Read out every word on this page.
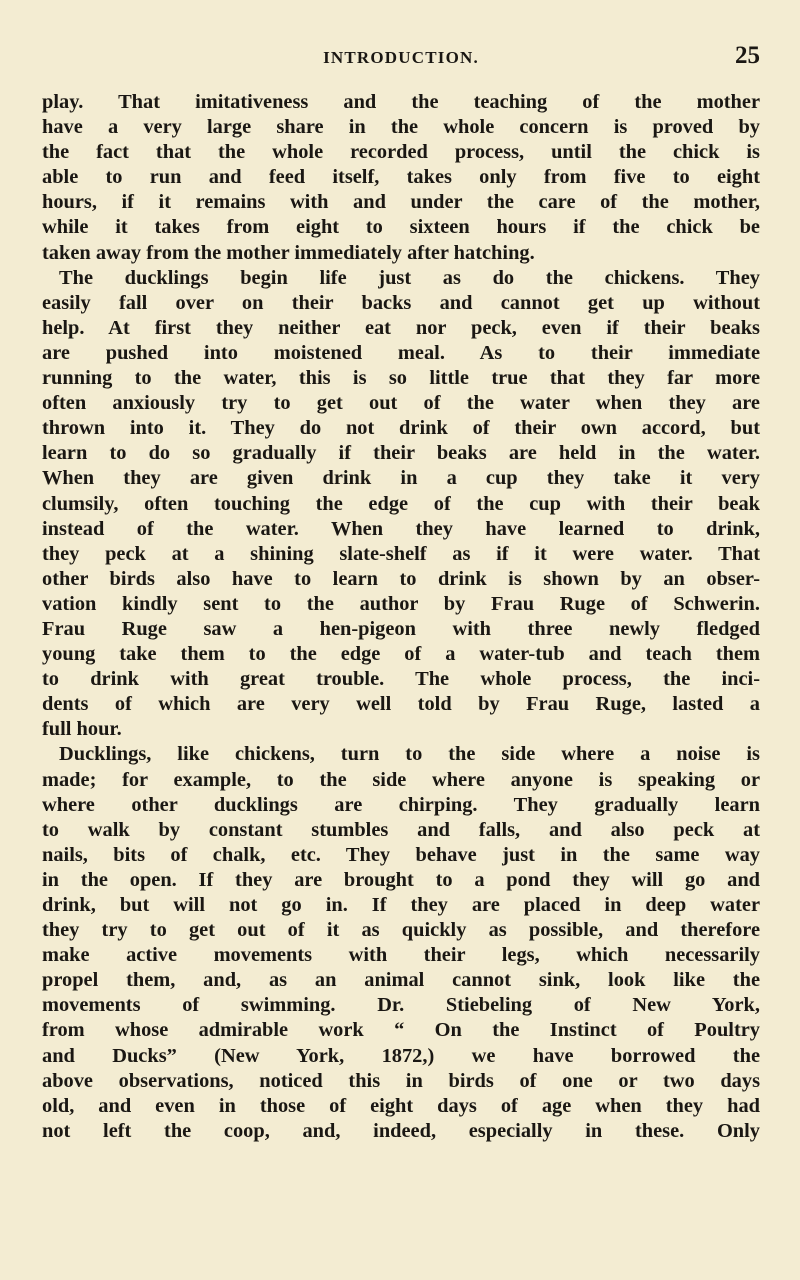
INTRODUCTION.	25
play. That imitativeness and the teaching of the mother
have a very large share in the whole concern is proved by
the fact that the whole recorded process, until the chick is
able to run and feed itself, takes only from five to eight
hours, if it remains with and under the care of the mother,
while it takes from eight to sixteen hours if the chick be
taken away from the mother immediately after hatching.
The ducklings begin life just as do the chickens. They
easily fall over on their backs and cannot get up without
help. At first they neither eat nor peck, even if their beaks
are pushed into moistened meal. As to their immediate
running to the water, this is so little true that they far more
often anxiously try to get out of the water when they are
thrown into it. They do not drink of their own accord, but
learn to do so gradually if their beaks are held in the water.
When they are given drink in a cup they take it very
clumsily, often touching the edge of the cup with their beak
instead of the water. When they have learned to drink,
they peck at a shining slate-shelf as if it were water. That
other birds also have to learn to drink is shown by an obser-
vation kindly sent to the author by Frau Ruge of Schwerin.
Frau Ruge saw a hen-pigeon with three newly fledged
young take them to the edge of a water-tub and teach them
to drink with great trouble. The whole process, the inci-
dents of which are very well told by Frau Ruge, lasted a
full hour.
Ducklings, like chickens, turn to the side where a noise is
made; for example, to the side where anyone is speaking or
where other ducklings are chirping. They gradually learn
to walk by constant stumbles and falls, and also peck at
nails, bits of chalk, etc. They behave just in the same way
in the open. If they are brought to a pond they will go and
drink, but will not go in. If they are placed in deep water
they try to get out of it as quickly as possible, and therefore
make active movements with their legs, which necessarily
propel them, and, as an animal cannot sink, look like the
movements of swimming. Dr. Stiebeling of New York,
from whose admirable work “ On the Instinct of Poultry
and Ducks” (New York, 1872,) we have borrowed the
above observations, noticed this in birds of one or two days
old, and even in those of eight days of age when they had
not left the coop, and, indeed, especially in these. Only
